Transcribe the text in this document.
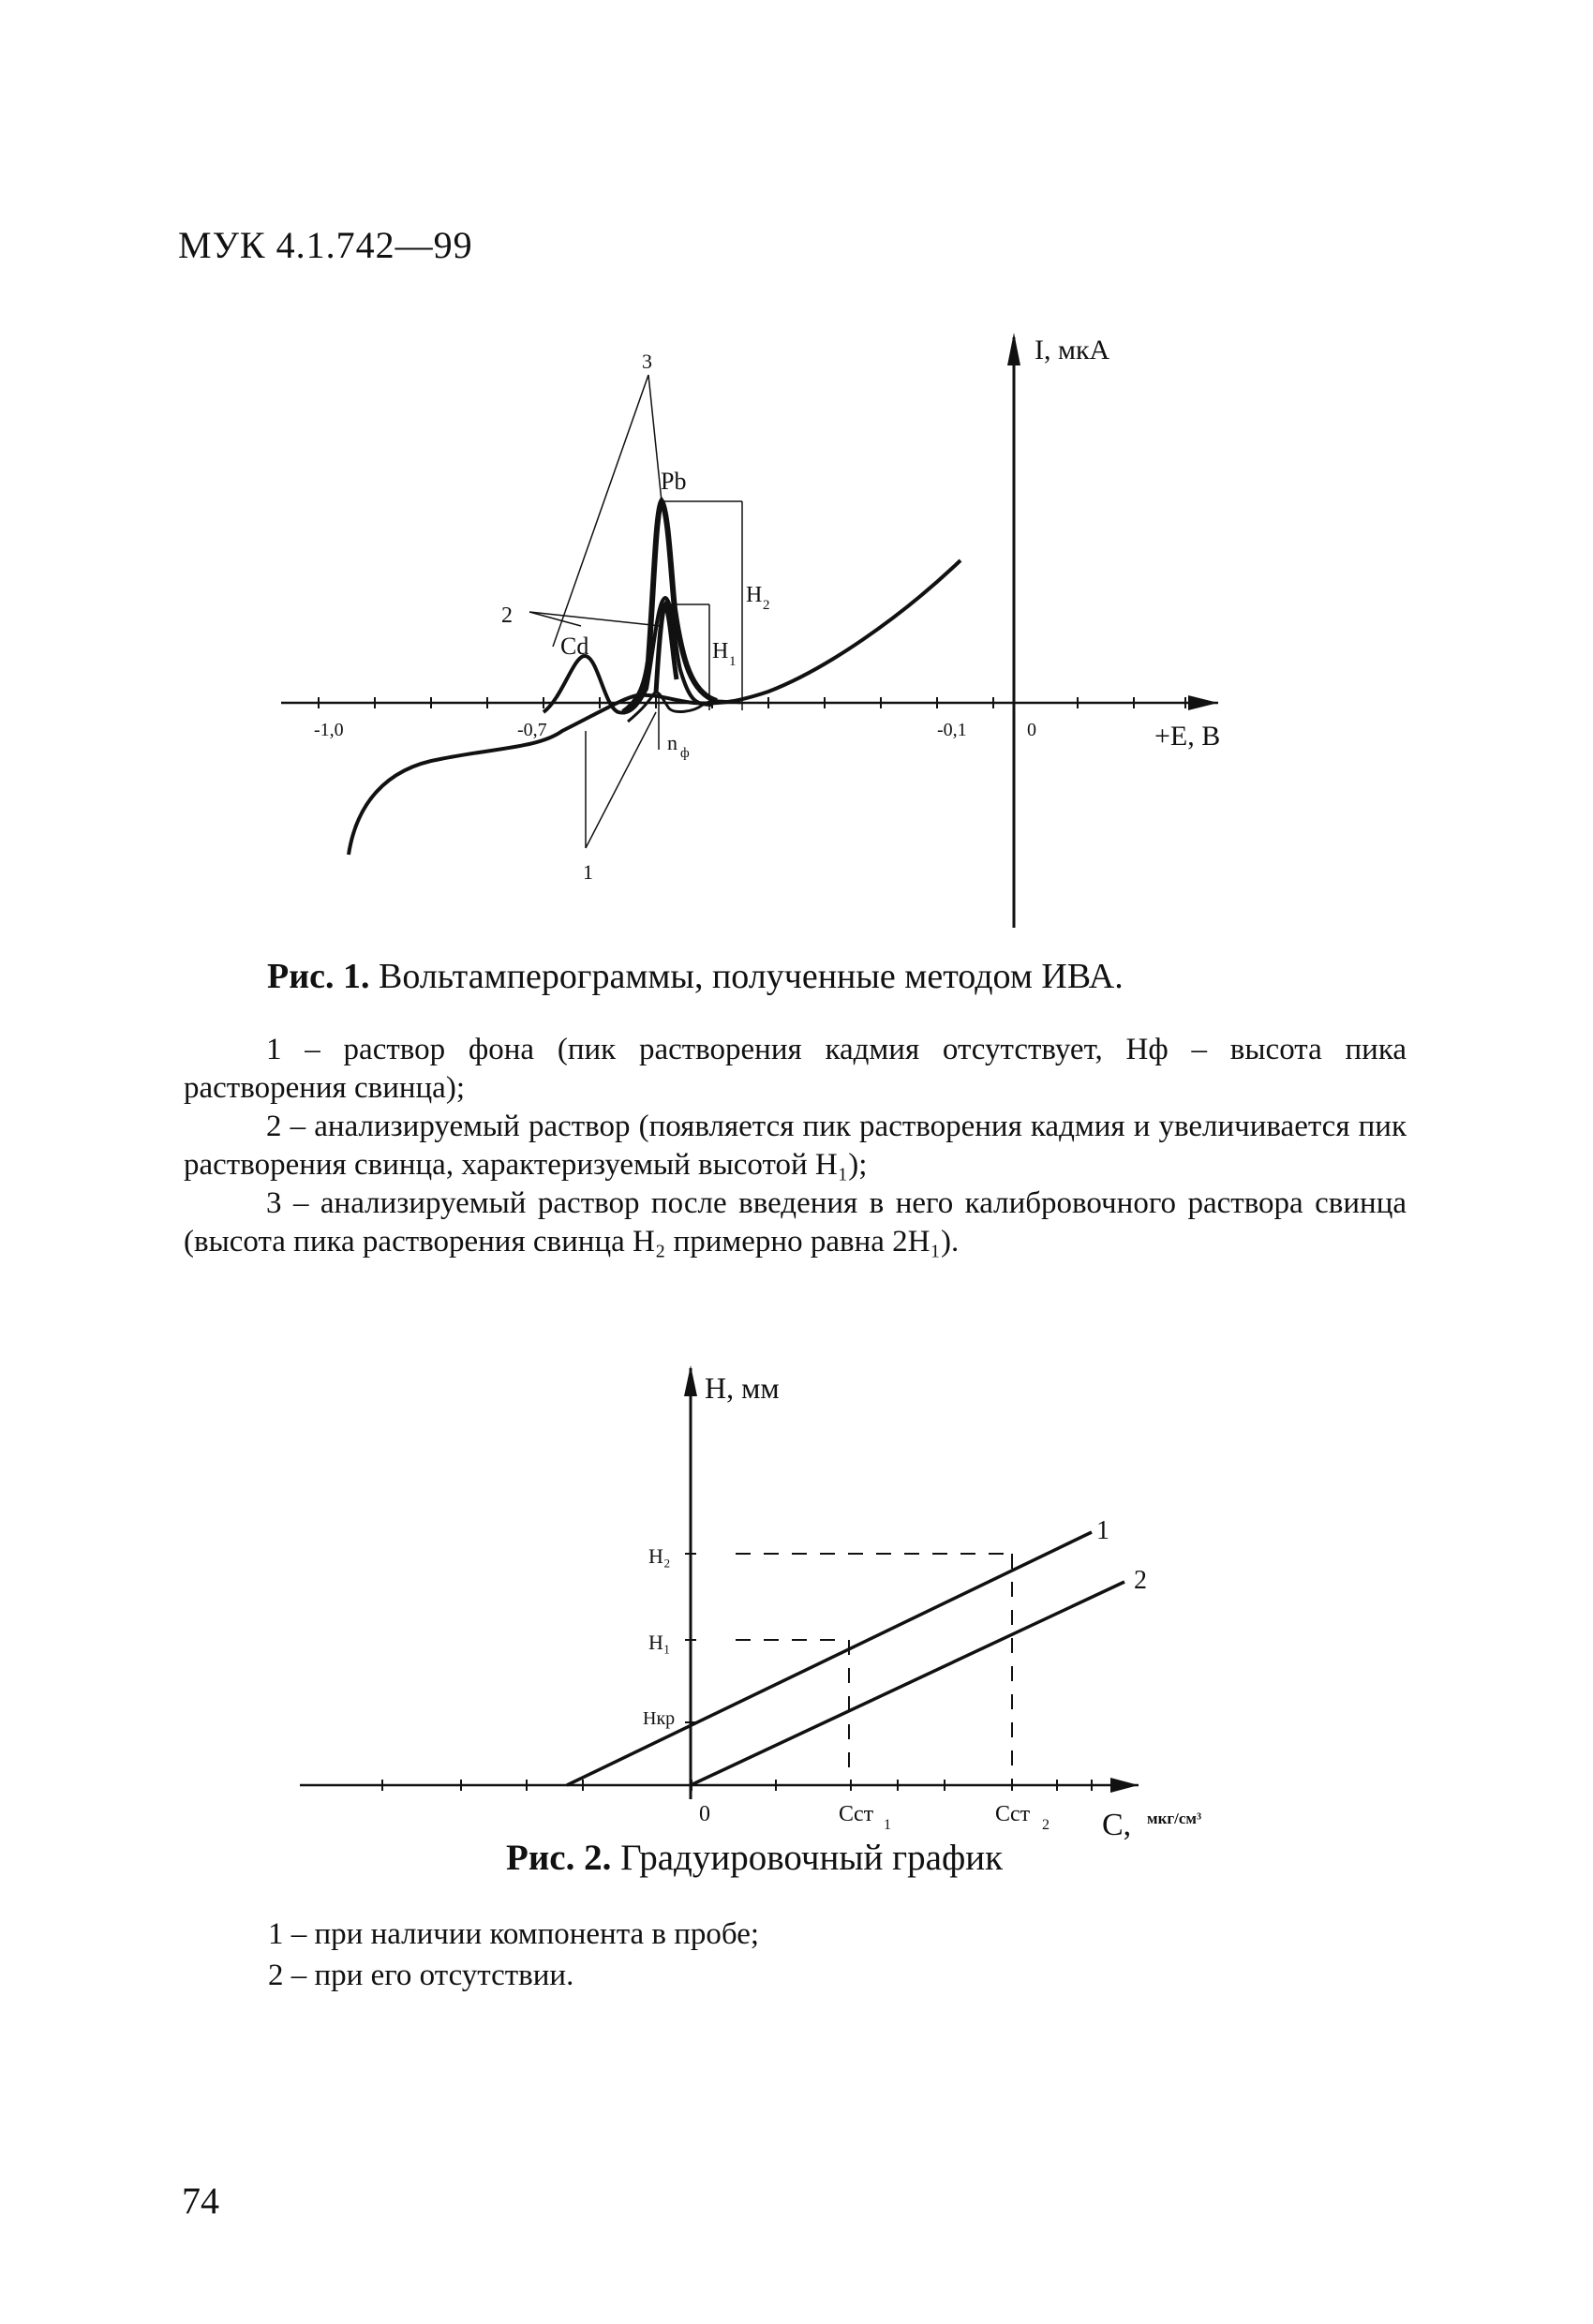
МУК 4.1.742—99
I, мкА
+E, B
-1,0	-0,7	-0,1	0
1
2
3
Cd
Pb
H 2
H 1
n ф
H, мм
H₂
H₁
Hкр
0	Cст 1	Cст 2 C, мкг/см³
1
2
Рис. 1. Вольтамперограммы, полученные методом ИВА.

1 – раствор фона (пик растворения кадмия отсутствует, Нф – высота пика растворения свинца);

2 – анализируемый раствор (появляется пик растворения кадмия и увеличивается пик растворения свинца, характеризуемый высотой H₁);

3 – анализируемый раствор после введения в него калибровочного раствора свинца (высота пика растворения свинца H₂ примерно равна 2H₁).

Рис. 2. Градуировочный график

1 – при наличии компонента в пробе;

2 – при его отсутствии.

74
